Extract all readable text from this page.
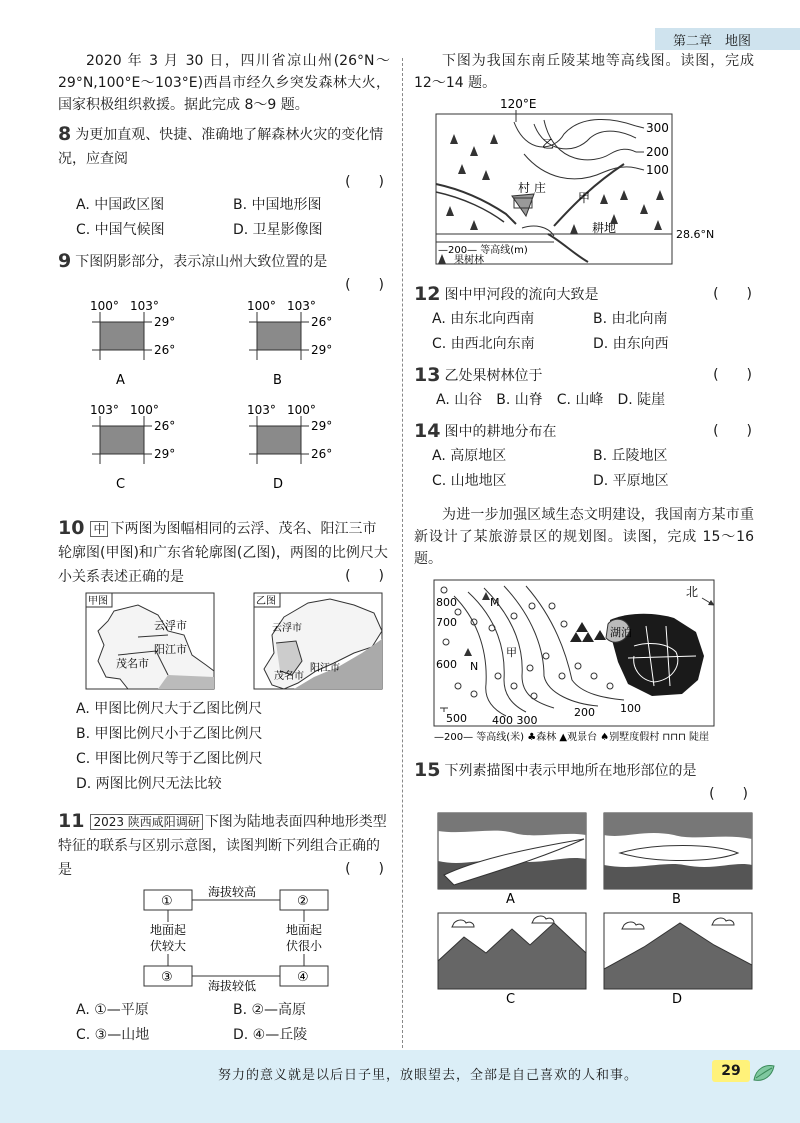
第二章　地图

2020 年 3 月 30 日，四川省凉山州(26°N～29°N,100°E～103°E)西昌市经久乡突发森林大火，国家积极组织救援。据此完成 8～9 题。

8 为更加直观、快捷、准确地了解森林火灾的变化情况，应查阅
(　　)
A. 中国政区图	B. 中国地形图
C. 中国气候图	D. 卫星影像图
9 下图阴影部分，表示凉山州大致位置的是
(　　)
100° 103°
29°
26°
A
100° 103°
26°
29°
B
103° 100°
26°
29°
C
103° 100°
29°
26°
D
10 中 下两图为图幅相同的云浮、茂名、阳江三市轮廓图(甲图)和广东省轮廓图(乙图)，两图的比例尺大小关系表述正确的是	(　　)
甲图
云浮市
阳江市
茂名市
乙图
云浮市
茂名市
阳江市
A. 甲图比例尺大于乙图比例尺
B. 甲图比例尺小于乙图比例尺
C. 甲图比例尺等于乙图比例尺
D. 两图比例尺无法比较
11 2023 陕西咸阳调研 下图为陆地表面四种地形类型特征的联系与区别示意图，读图判断下列组合正确的是	(　　)
①	②
③	④
海拔较高
海拔较低
地面起
伏较大
地面起
伏很小
A. ①—平原	B. ②—高原
C. ③—山地	D. ④—丘陵

下图为我国东南丘陵某地等高线图。读图，完成 12～14 题。

120°E
300
200
100
乙
村 庄
甲
耕地	28.6°N
—200— 等高线(m)
果树林
12 图中甲河段的流向大致是	(　　)
A. 由东北向西南	B. 由北向南
C. 由西北向东南	D. 由东向西
13 乙处果树林位于	(　　)
A. 山谷 B. 山脊 C. 山峰 D. 陡崖
14 图中的耕地分布在	(　　)
A. 高原地区	B. 丘陵地区
C. 山地地区	D. 平原地区

为进一步加强区域生态文明建设，我国南方某市重新设计了某旅游景区的规划图。读图，完成 15～16 题。

北
湖泊
800
700
600
500 400 300
200 100
M
N
甲
—200— 等高线(米) ♣森林 ▲观景台 ♠别墅度假村 ⊓⊓⊓ 陡崖
15 下列素描图中表示甲地所在地形部位的是
(　　)
A	B
C	D
努力的意义就是以后日子里，放眼望去，全部是自己喜欢的人和事。	29
